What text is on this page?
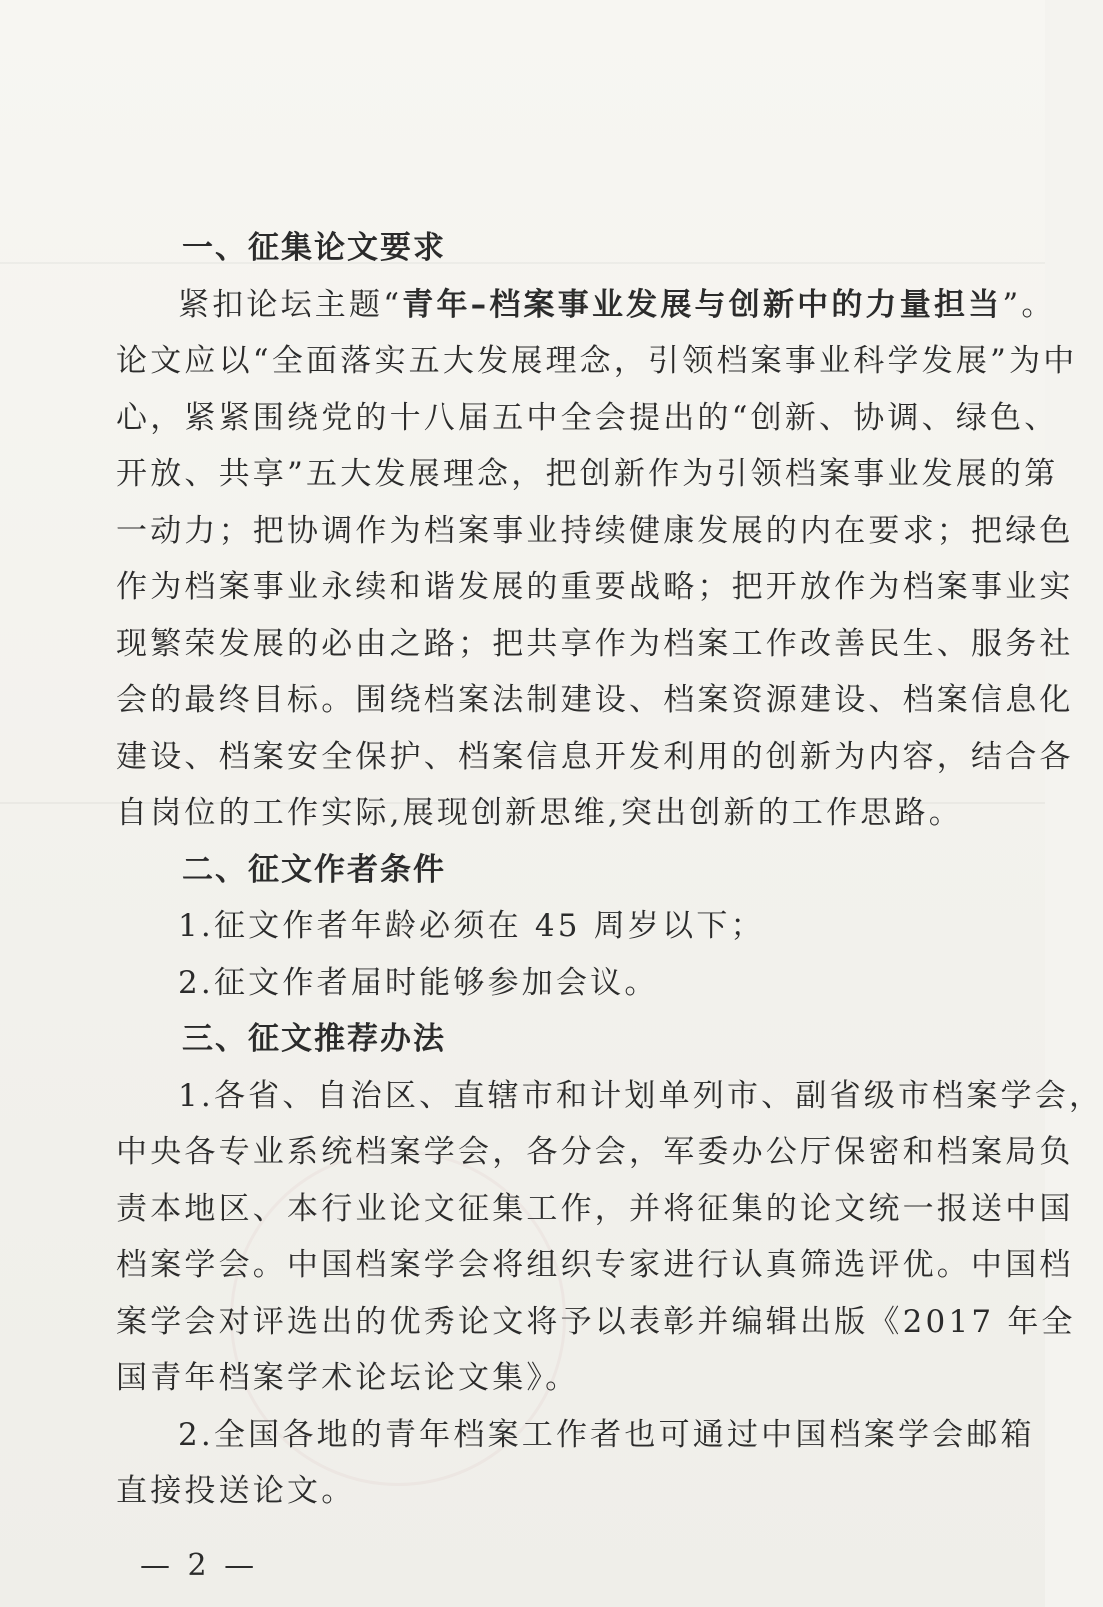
一、征集论文要求
紧扣论坛主题“青年–档案事业发展与创新中的力量担当”。
论文应以“全面落实五大发展理念，引领档案事业科学发展”为中
心，紧紧围绕党的十八届五中全会提出的“创新、协调、绿色、
开放、共享”五大发展理念，把创新作为引领档案事业发展的第
一动力；把协调作为档案事业持续健康发展的内在要求；把绿色
作为档案事业永续和谐发展的重要战略；把开放作为档案事业实
现繁荣发展的必由之路；把共享作为档案工作改善民生、服务社
会的最终目标。围绕档案法制建设、档案资源建设、档案信息化
建设、档案安全保护、档案信息开发利用的创新为内容，结合各
自岗位的工作实际,展现创新思维,突出创新的工作思路。
二、征文作者条件
1.征文作者年龄必须在 45 周岁以下；
2.征文作者届时能够参加会议。
三、征文推荐办法
1.各省、自治区、直辖市和计划单列市、副省级市档案学会，
中央各专业系统档案学会，各分会，军委办公厅保密和档案局负
责本地区、本行业论文征集工作，并将征集的论文统一报送中国
档案学会。中国档案学会将组织专家进行认真筛选评优。中国档
案学会对评选出的优秀论文将予以表彰并编辑出版《2017 年全
国青年档案学术论坛论文集》。
2.全国各地的青年档案工作者也可通过中国档案学会邮箱
直接投送论文。
— 2 —
